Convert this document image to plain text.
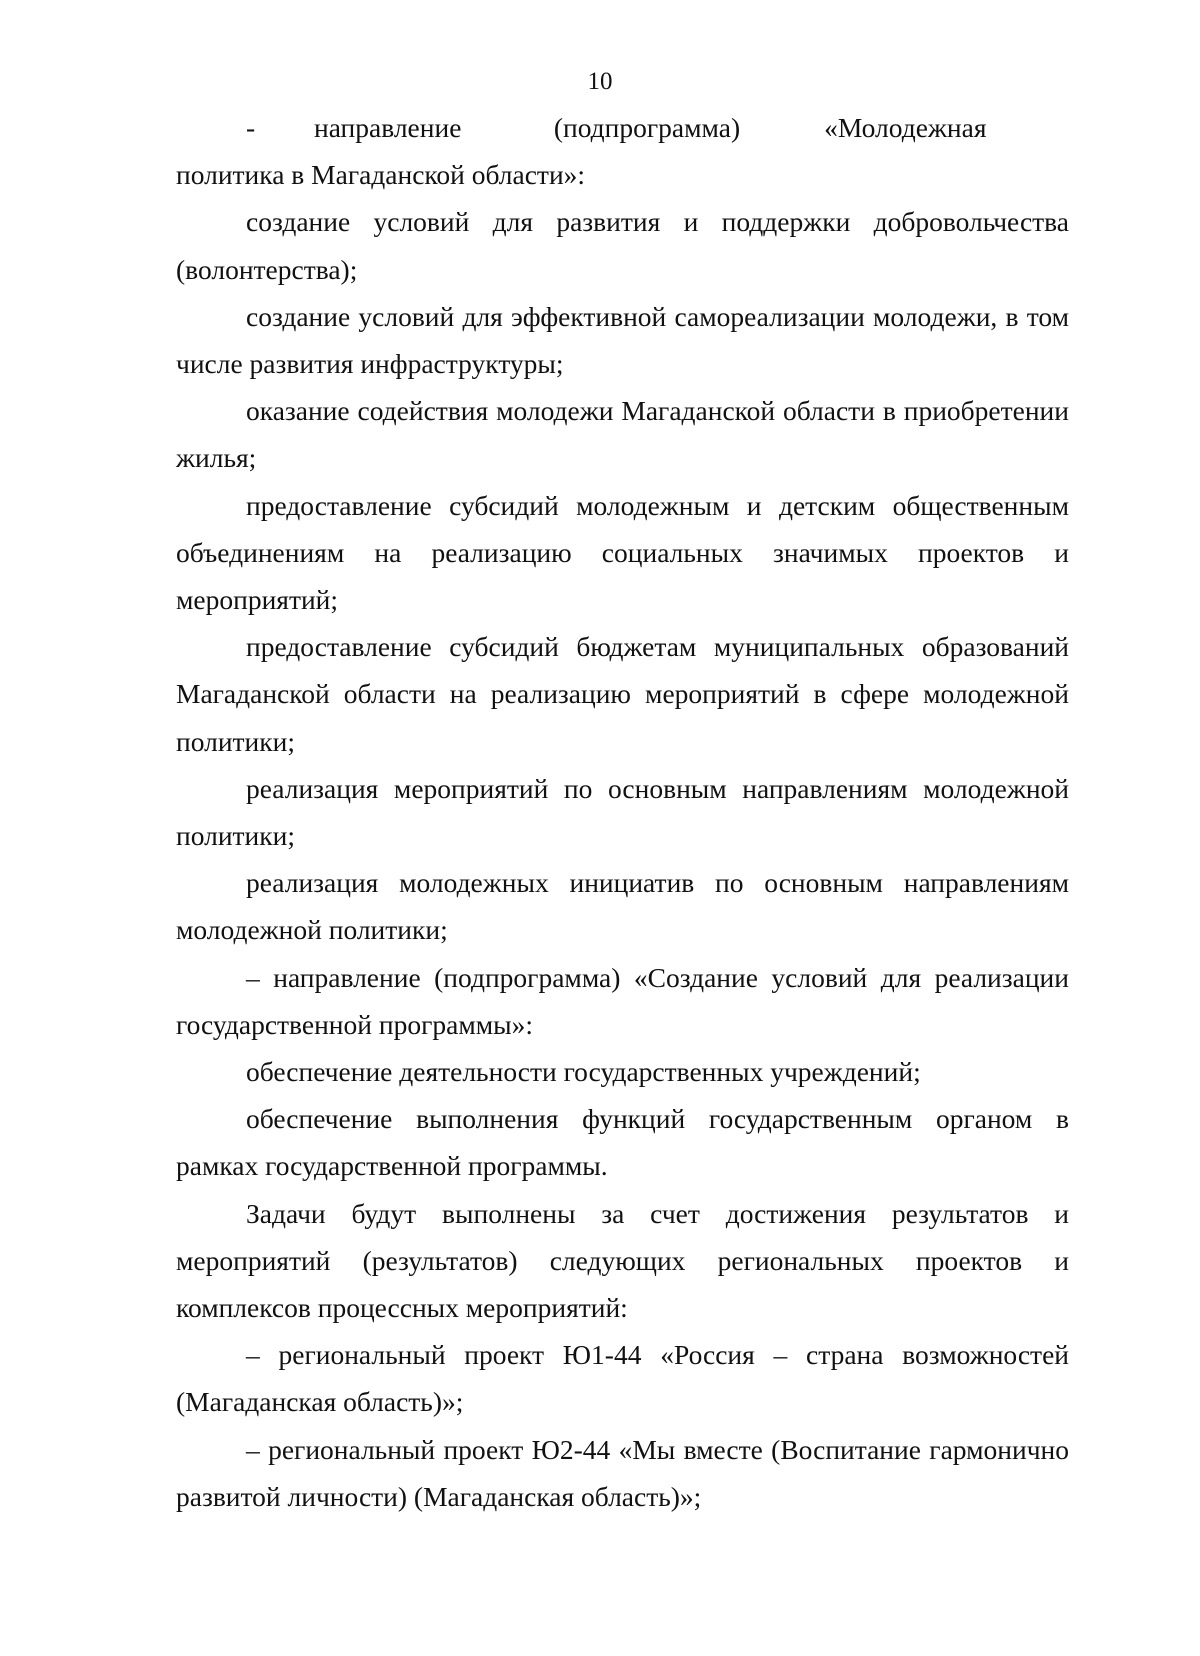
10

-       направление           (подпрограмма)          «Молодежная           политика в Магаданской области»:

создание условий для развития и поддержки добровольчества (волонтерства);

создание условий для эффективной самореализации молодежи, в том числе развития инфраструктуры;

оказание содействия молодежи Магаданской области в приобретении жилья;

предоставление субсидий молодежным и детским общественным объединениям на реализацию социальных значимых проектов и мероприятий;

предоставление субсидий бюджетам муниципальных образований Магаданской области на реализацию мероприятий в сфере молодежной политики;

реализация мероприятий по основным направлениям молодежной политики;

реализация молодежных инициатив по основным направлениям молодежной политики;

– направление (подпрограмма) «Создание условий для реализации государственной программы»:

обеспечение деятельности государственных учреждений;

обеспечение выполнения функций государственным органом в рамках государственной программы.

Задачи будут выполнены за счет достижения результатов и мероприятий (результатов) следующих региональных проектов и комплексов процессных мероприятий:

– региональный проект Ю1-44 «Россия – страна возможностей (Магаданская область)»;

– региональный проект Ю2-44 «Мы вместе (Воспитание гармонично развитой личности) (Магаданская область)»;
